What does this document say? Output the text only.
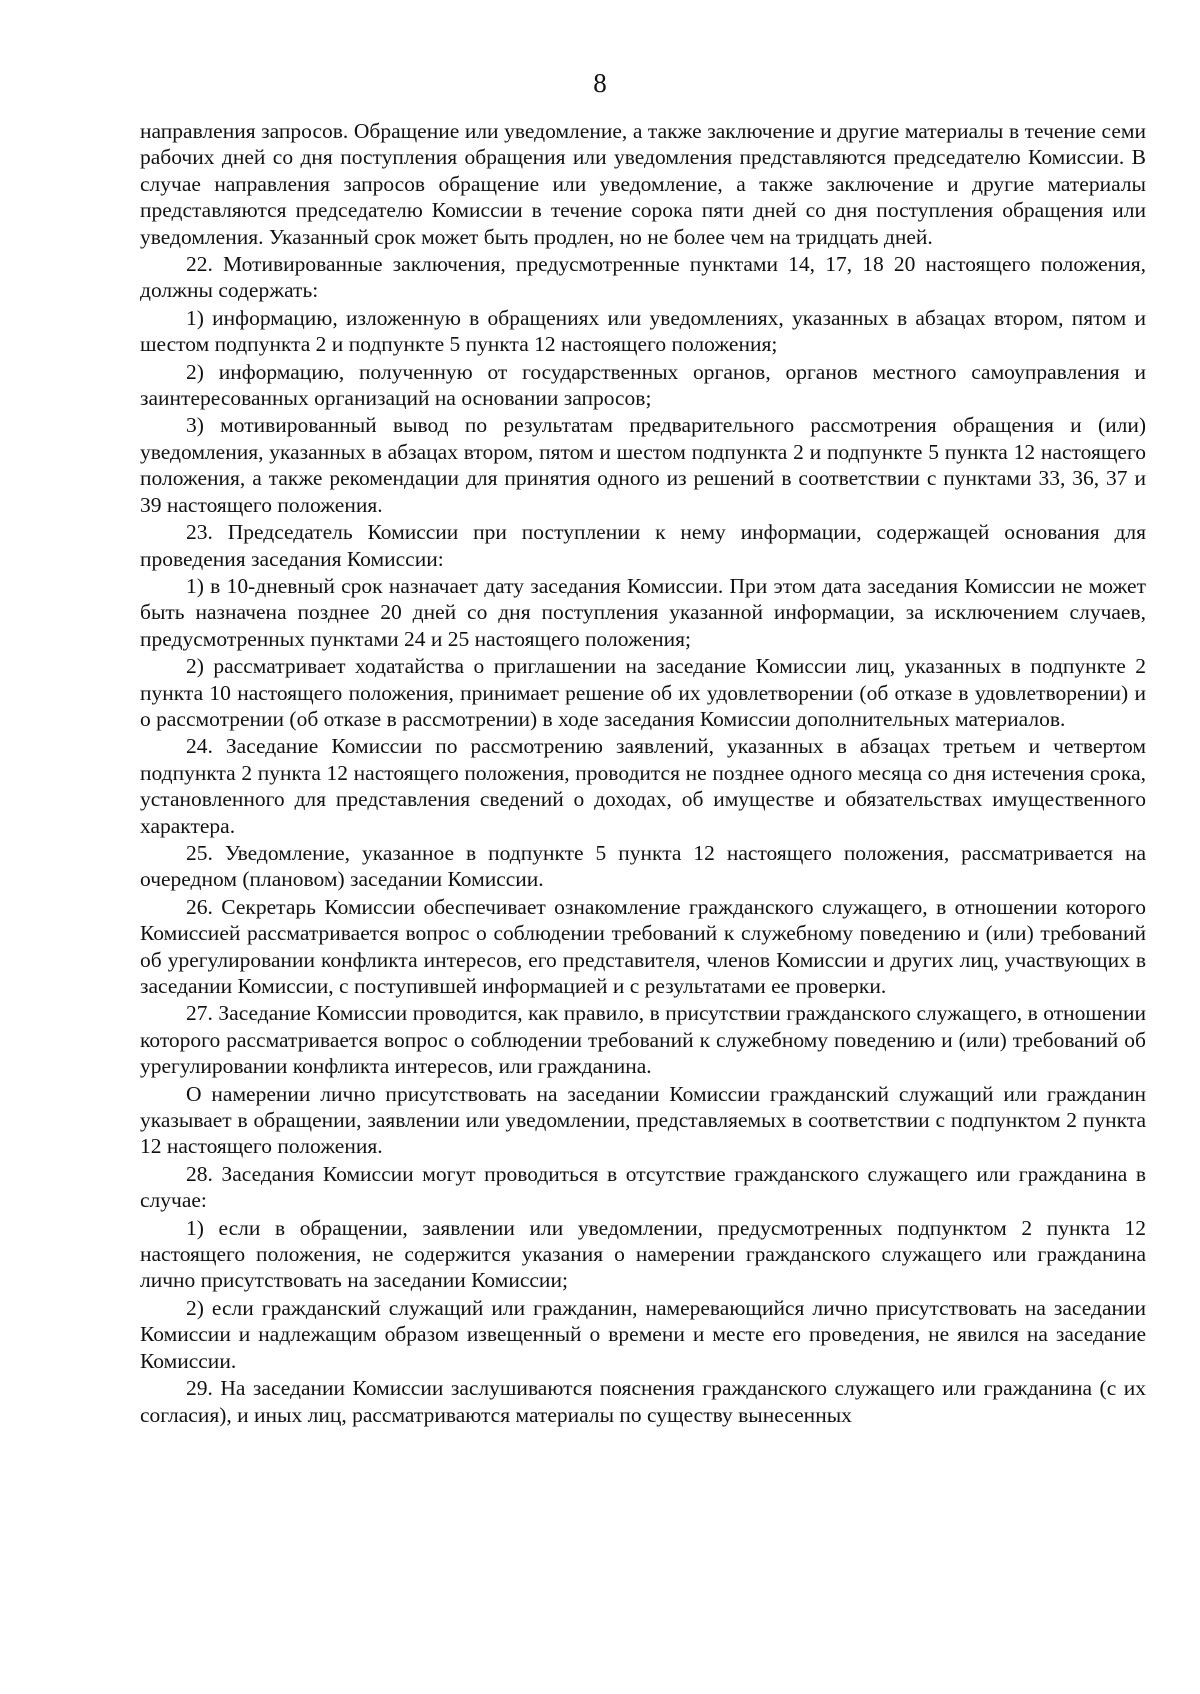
8

направления запросов. Обращение или уведомление, а также заключение и другие материалы в течение семи рабочих дней со дня поступления обращения или уведомления представляются председателю Комиссии. В случае направления запросов обращение или уведомление, а также заключение и другие материалы представляются председателю Комиссии в течение сорока пяти дней со дня поступления обращения или уведомления. Указанный срок может быть продлен, но не более чем на тридцать дней.

22. Мотивированные заключения, предусмотренные пунктами 14, 17, 18 20 настоящего положения, должны содержать:

1) информацию, изложенную в обращениях или уведомлениях, указанных в абзацах втором, пятом и шестом подпункта 2 и подпункте 5 пункта 12 настоящего положения;

2) информацию, полученную от государственных органов, органов местного самоуправления и заинтересованных организаций на основании запросов;

3) мотивированный вывод по результатам предварительного рассмотрения обращения и (или) уведомления, указанных в абзацах втором, пятом и шестом подпункта 2 и подпункте 5 пункта 12 настоящего положения, а также рекомендации для принятия одного из решений в соответствии с пунктами 33, 36, 37 и 39 настоящего положения.

23. Председатель Комиссии при поступлении к нему информации, содержащей основания для проведения заседания Комиссии:

1) в 10-дневный срок назначает дату заседания Комиссии. При этом дата заседания Комиссии не может быть назначена позднее 20 дней со дня поступления указанной информации, за исключением случаев, предусмотренных пунктами 24 и 25 настоящего положения;

2) рассматривает ходатайства о приглашении на заседание Комиссии лиц, указанных в подпункте 2 пункта 10 настоящего положения, принимает решение об их удовлетворении (об отказе в удовлетворении) и о рассмотрении (об отказе в рассмотрении) в ходе заседания Комиссии дополнительных материалов.

24. Заседание Комиссии по рассмотрению заявлений, указанных в абзацах третьем и четвертом подпункта 2 пункта 12 настоящего положения, проводится не позднее одного месяца со дня истечения срока, установленного для представления сведений о доходах, об имуществе и обязательствах имущественного характера.

25. Уведомление, указанное в подпункте 5 пункта 12 настоящего положения, рассматривается на очередном (плановом) заседании Комиссии.

26. Секретарь Комиссии обеспечивает ознакомление гражданского служащего, в отношении которого Комиссией рассматривается вопрос о соблюдении требований к служебному поведению и (или) требований об урегулировании конфликта интересов, его представителя, членов Комиссии и других лиц, участвующих в заседании Комиссии, с поступившей информацией и с результатами ее проверки.

27. Заседание Комиссии проводится, как правило, в присутствии гражданского служащего, в отношении которого рассматривается вопрос о соблюдении требований к служебному поведению и (или) требований об урегулировании конфликта интересов, или гражданина.

О намерении лично присутствовать на заседании Комиссии гражданский служащий или гражданин указывает в обращении, заявлении или уведомлении, представляемых в соответствии с подпунктом 2 пункта 12 настоящего положения.

28. Заседания Комиссии могут проводиться в отсутствие гражданского служащего или гражданина в случае:

1) если в обращении, заявлении или уведомлении, предусмотренных подпунктом 2 пункта 12 настоящего положения, не содержится указания о намерении гражданского служащего или гражданина лично присутствовать на заседании Комиссии;

2) если гражданский служащий или гражданин, намеревающийся лично присутствовать на заседании Комиссии и надлежащим образом извещенный о времени и месте его проведения, не явился на заседание Комиссии.

29. На заседании Комиссии заслушиваются пояснения гражданского служащего или гражданина (с их согласия), и иных лиц, рассматриваются материалы по существу вынесенных
